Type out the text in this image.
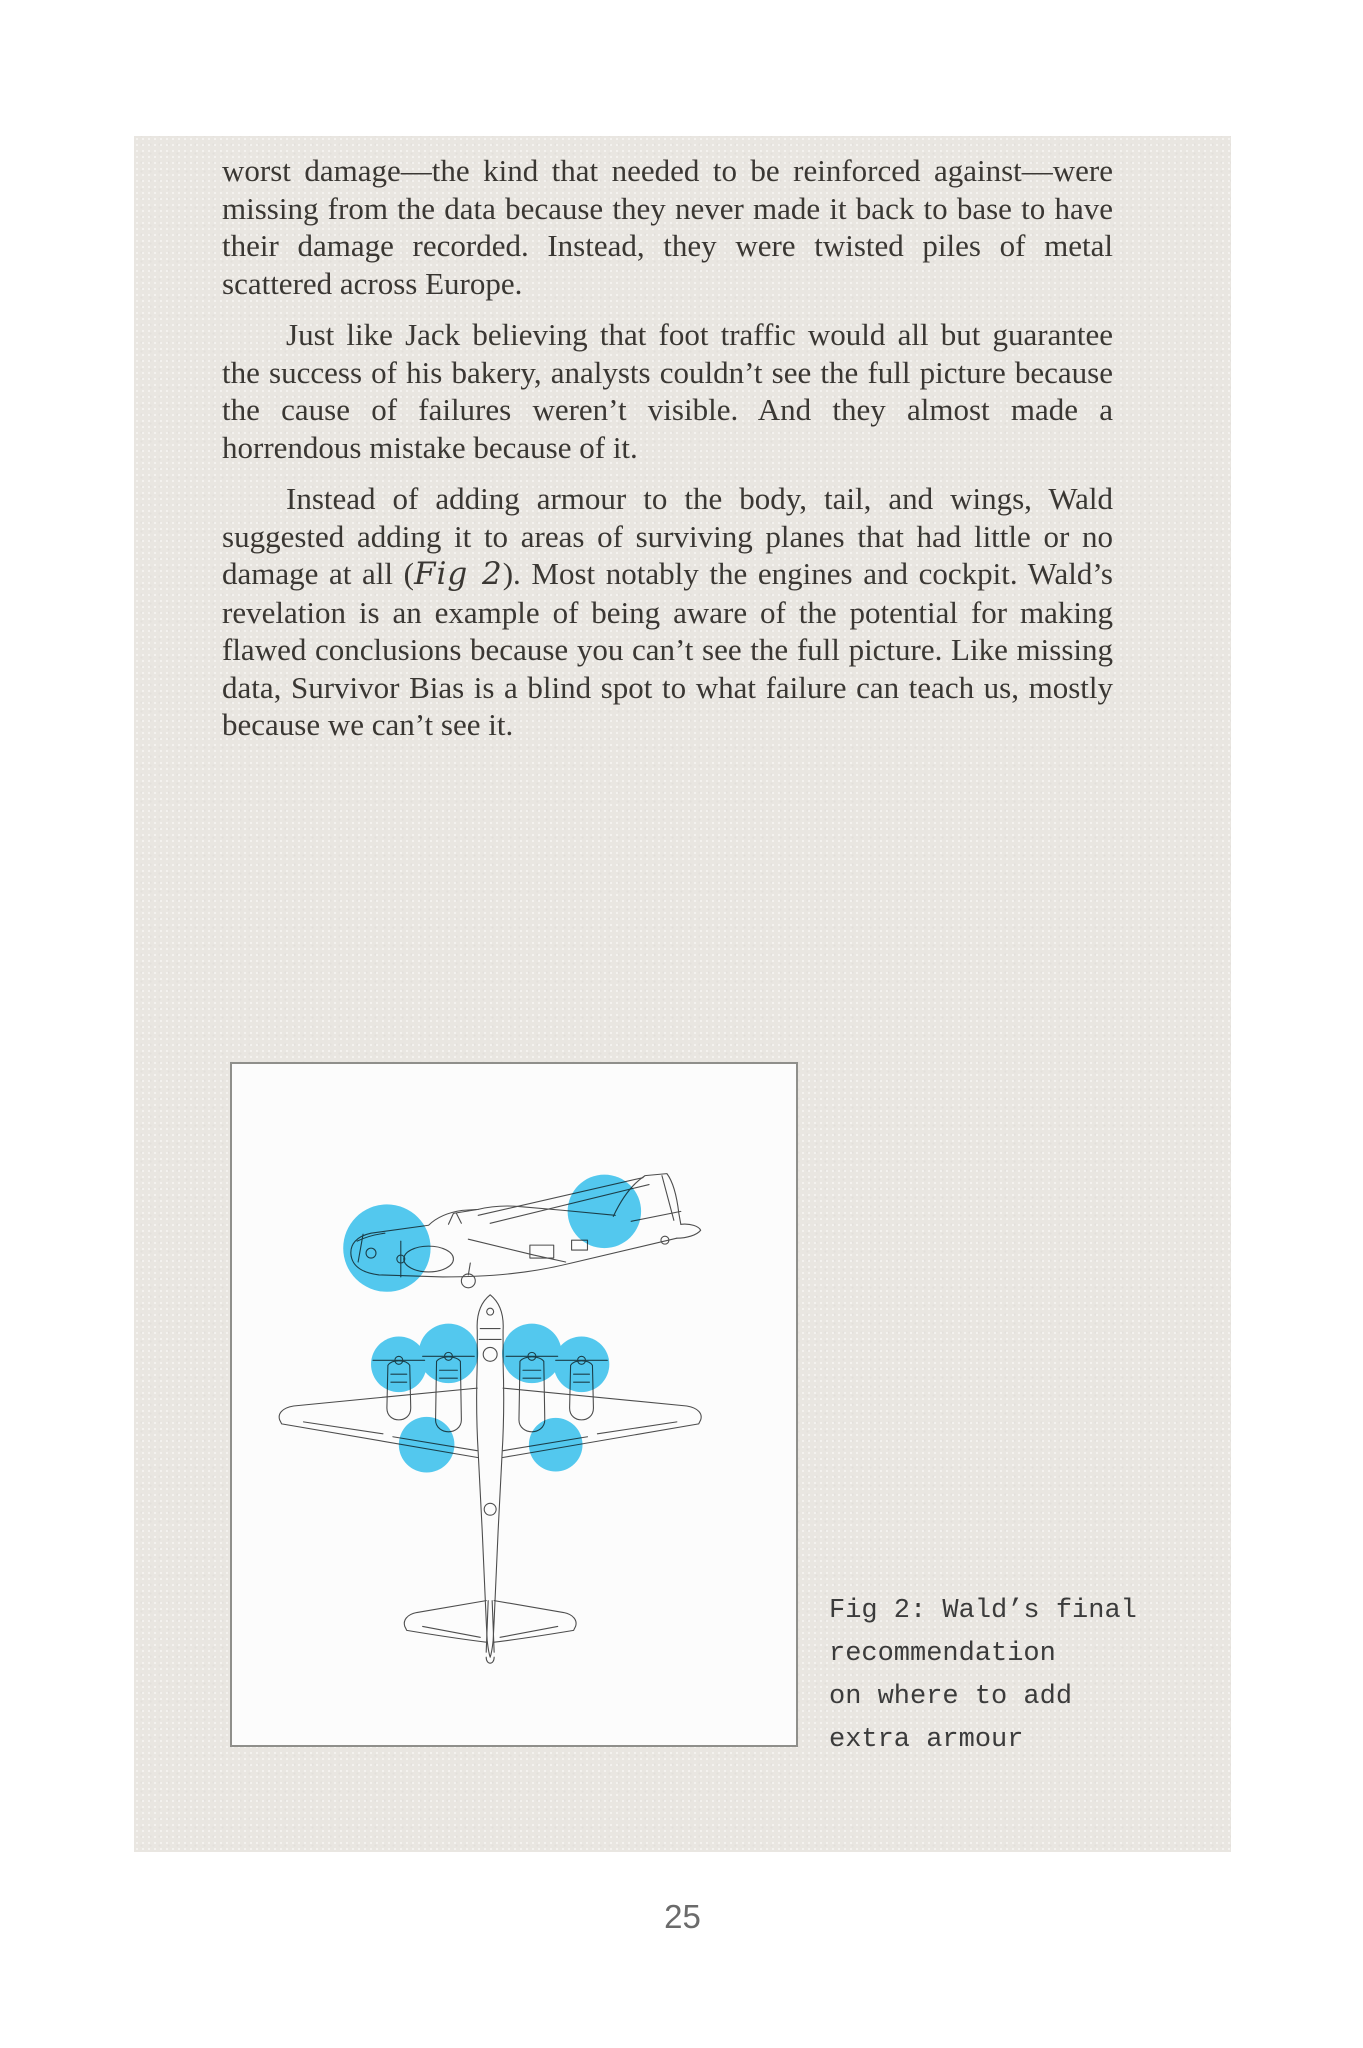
worst damage—the kind that needed to be reinforced against—were missing from the data because they never made it back to base to have their damage recorded. Instead, they were twisted piles of metal scattered across Europe.

Just like Jack believing that foot traffic would all but guarantee the success of his bakery, analysts couldn’t see the full picture because the cause of failures weren’t visible. And they almost made a horrendous mistake because of it.

Instead of adding armour to the body, tail, and wings, Wald suggested adding it to areas of surviving planes that had little or no damage at all (Fig 2). Most notably the engines and cockpit. Wald’s revelation is an example of being aware of the potential for making flawed conclusions because you can’t see the full picture. Like missing data, Survivor Bias is a blind spot to what failure can teach us, mostly because we can’t see it.

Fig 2: Wald’s final
recommendation
on where to add
extra armour
25
